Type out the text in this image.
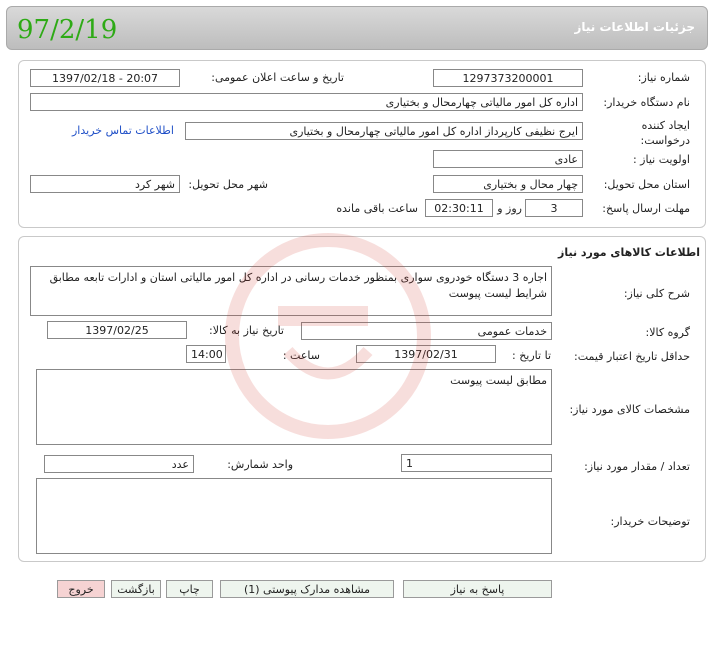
97/2/19	جزئیات اطلاعات نیاز
شماره نیاز:
1297373200001
تاریخ و ساعت اعلان عمومی:
1397/02/18 - 20:07
نام دستگاه خریدار:
اداره کل امور مالیاتی چهارمحال و بختیاری
ایجاد کننده درخواست:
ایرج نظیفی کارپرداز اداره کل امور مالیاتی چهارمحال و بختیاری
اطلاعات تماس خریدار
اولویت نیاز :
عادی
استان محل تحویل:
چهار محال و بختیاری
شهر محل تحویل:
شهر کرد
مهلت ارسال پاسخ:
3
روز و
02:30:11
ساعت باقی مانده
اطلاعات کالاهای مورد نیاز
شرح کلی نیاز:
اجاره 3 دستگاه خودروی سواری بمنظور خدمات رسانی در اداره کل امور مالیاتی استان و ادارات تابعه مطابق شرایط لیست پیوست
گروه کالا:
خدمات عمومی
تاریخ نیاز به کالا:
1397/02/25
حداقل تاریخ اعتبار قیمت:
تا تاریخ :
1397/02/31
ساعت :
14:00
مشخصات کالای مورد نیاز:
مطابق لیست پیوست
تعداد / مقدار مورد نیاز:
1
واحد شمارش:
عدد
توضیحات خریدار:
پاسخ به نیاز
مشاهده مدارک پیوستی (1)
چاپ
بازگشت
خروج
